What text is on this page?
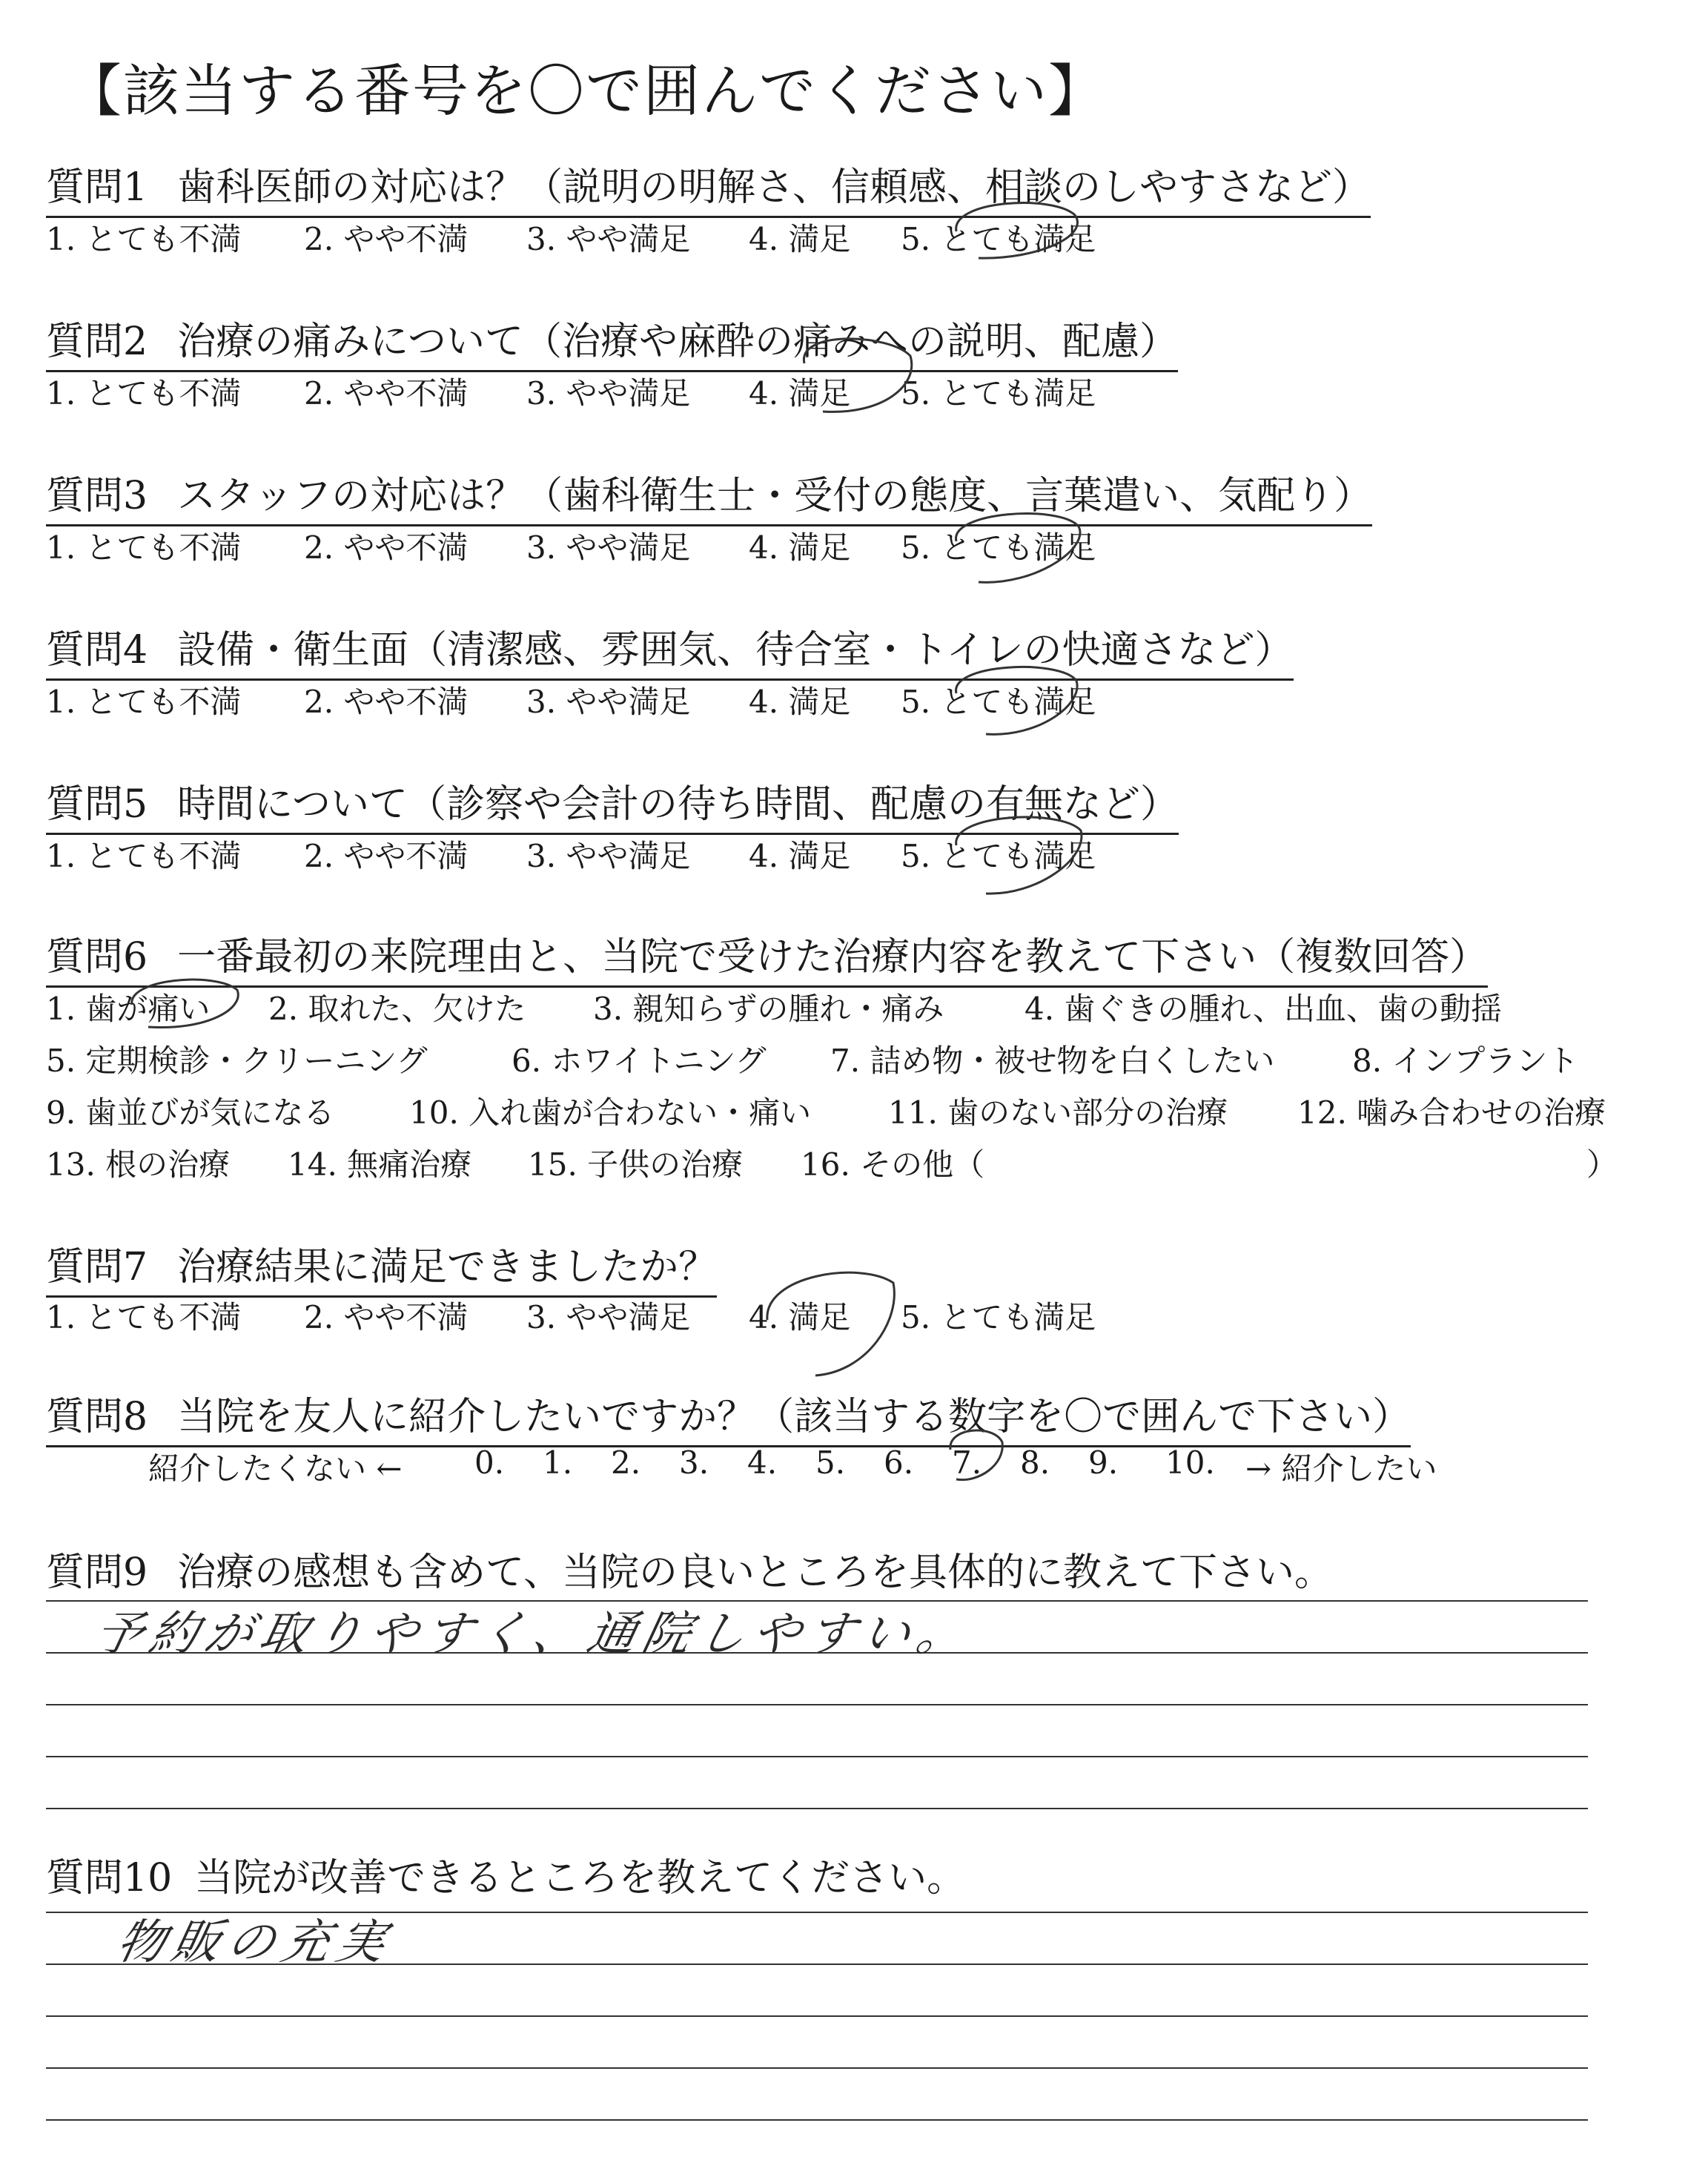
【該当する番号を〇で囲んでください】
質問1 歯科医師の対応は？（説明の明解さ、信頼感、相談のしやすさなど）
1. とても不満 2. やや不満 3. やや満足 4. 満足 5. とても満足
質問2 治療の痛みについて（治療や麻酔の痛みへの説明、配慮）
1. とても不満 2. やや不満 3. やや満足 4. 満足 5. とても満足
質問3 スタッフの対応は？（歯科衛生士・受付の態度、言葉遣い、気配り）
1. とても不満 2. やや不満 3. やや満足 4. 満足 5. とても満足
質問4 設備・衛生面（清潔感、雰囲気、待合室・トイレの快適さなど）
1. とても不満 2. やや不満 3. やや満足 4. 満足 5. とても満足
質問5 時間について（診察や会計の待ち時間、配慮の有無など）
1. とても不満 2. やや不満 3. やや満足 4. 満足 5. とても満足
質問6 一番最初の来院理由と、当院で受けた治療内容を教えて下さい（複数回答）
1. 歯が痛い 2. 取れた、欠けた 3. 親知らずの腫れ・痛み	4. 歯ぐきの腫れ、出血、歯の動揺
5. 定期検診・クリーニング	6. ホワイトニング 7. 詰め物・被せ物を白くしたい 8. インプラント
9. 歯並びが気になる 10. 入れ歯が合わない・痛い 11. 歯のない部分の治療 12. 噛み合わせの治療
13. 根の治療 14. 無痛治療 15. 子供の治療 16. その他（	）
質問7 治療結果に満足できましたか？
1. とても不満 2. やや不満 3. やや満足 4. 満足 5. とても満足
質問8 当院を友人に紹介したいですか？（該当する数字を〇で囲んで下さい）
紹介したくない ← 0. 1. 2. 3. 4. 5. 6. 7. 8. 9. 10. → 紹介したい
質問9 治療の感想も含めて、当院の良いところを具体的に教えて下さい。
予約が取りやすく、通院しやすい。
質問10 当院が改善できるところを教えてください。
物販の充実
